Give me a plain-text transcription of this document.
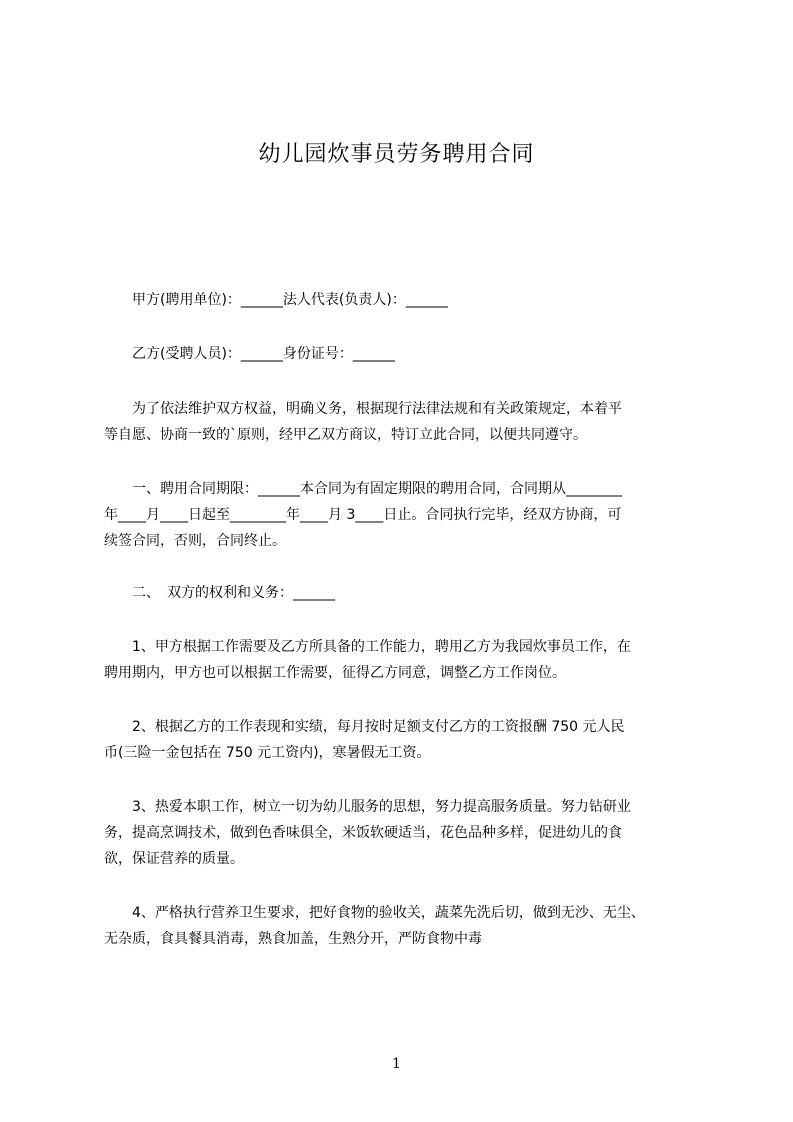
幼儿园炊事员劳务聘用合同

　　甲方(聘用单位)：______法人代表(负责人)：______

　　乙方(受聘人员)：______身份证号：______

　　为了依法维护双方权益，明确义务，根据现行法律法规和有关政策规定，本着平
等自愿、协商一致的`原则，经甲乙双方商议，特订立此合同，以便共同遵守。
　　一、聘用合同期限：______本合同为有固定期限的聘用合同，合同期从________
年____月____日起至________年____月 3____日止。合同执行完毕，经双方协商，可
续签合同，否则，合同终止。

　　二、　双方的权利和义务：______

　　1、甲方根据工作需要及乙方所具备的工作能力，聘用乙方为我园炊事员工作，在
聘用期内，甲方也可以根据工作需要，征得乙方同意，调整乙方工作岗位。
　　2、根据乙方的工作表现和实绩，每月按时足额支付乙方的工资报酬 750 元人民
币(三险一金包括在 750 元工资内)，寒暑假无工资。
　　3、热爱本职工作，树立一切为幼儿服务的思想，努力提高服务质量。努力钻研业
务，提高烹调技术，做到色香味俱全，米饭软硬适当，花色品种多样，促进幼儿的食
欲，保证营养的质量。
　　4、严格执行营养卫生要求，把好食物的验收关，蔬菜先洗后切，做到无沙、无尘、
无杂质，食具餐具消毒，熟食加盖，生熟分开，严防食物中毒
1
